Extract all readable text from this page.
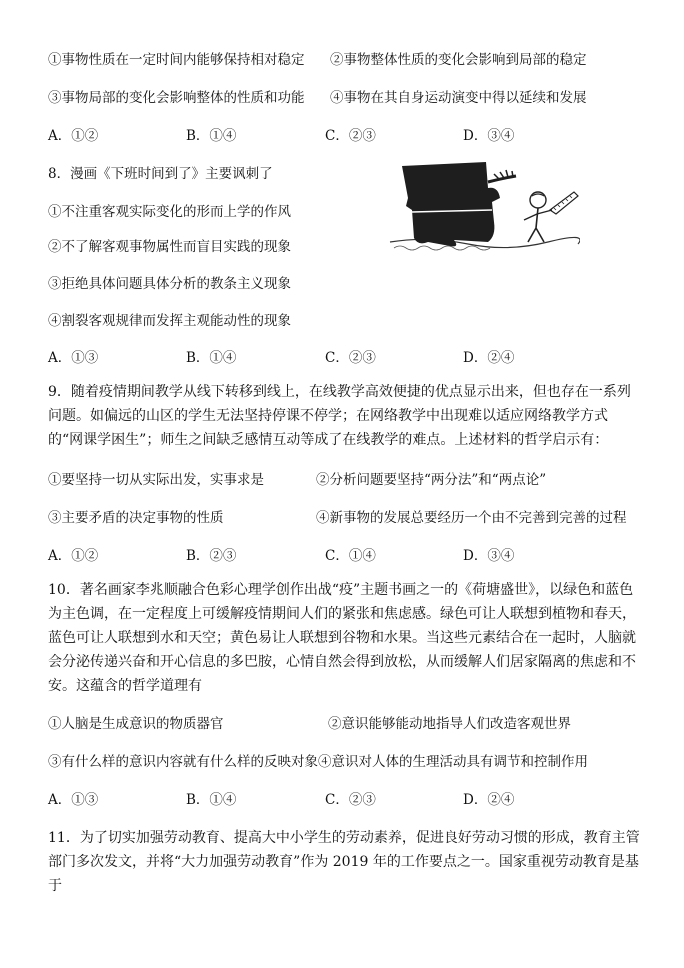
①事物性质在一定时间内能够保持相对稳定 ②事物整体性质的变化会影响到局部的稳定
③事物局部的变化会影响整体的性质和功能 ④事物在其自身运动演变中得以延续和发展
A．①②	B．①④	C．②③	D．③④
8．漫画《下班时间到了》主要讽刺了
①不注重客观实际变化的形而上学的作风
②不了解客观事物属性而盲目实践的现象
③拒绝具体问题具体分析的教条主义现象
④割裂客观规律而发挥主观能动性的现象
A．①③	B．①④	C．②③	D．②④
9．随着疫情期间教学从线下转移到线上，在线教学高效便捷的优点显示出来，但也存在一系列问题。如偏远的山区的学生无法坚持停课不停学；在网络教学中出现难以适应网络教学方式的“网课学困生”；师生之间缺乏感情互动等成了在线教学的难点。上述材料的哲学启示有：
①要坚持一切从实际出发，实事求是	②分析问题要坚持“两分法”和“两点论”
③主要矛盾的决定事物的性质	④新事物的发展总要经历一个由不完善到完善的过程
A．①②	B．②③	C．①④	D．③④
10．著名画家李兆顺融合色彩心理学创作出战“疫”主题书画之一的《荷塘盛世》，以绿色和蓝色为主色调，在一定程度上可缓解疫情期间人们的紧张和焦虑感。绿色可让人联想到植物和春天，蓝色可让人联想到水和天空；黄色易让人联想到谷物和水果。当这些元素结合在一起时，人脑就会分泌传递兴奋和开心信息的多巴胺，心情自然会得到放松，从而缓解人们居家隔离的焦虑和不安。这蕴含的哲学道理有
①人脑是生成意识的物质器官	②意识能够能动地指导人们改造客观世界
③有什么样的意识内容就有什么样的反映对象④意识对人体的生理活动具有调节和控制作用
A．①③	B．①④	C．②③	D．②④
11．为了切实加强劳动教育、提高大中小学生的劳动素养，促进良好劳动习惯的形成，教育主管部门多次发文，并将“大力加强劳动教育”作为 2019 年的工作要点之一。国家重视劳动教育是基于
